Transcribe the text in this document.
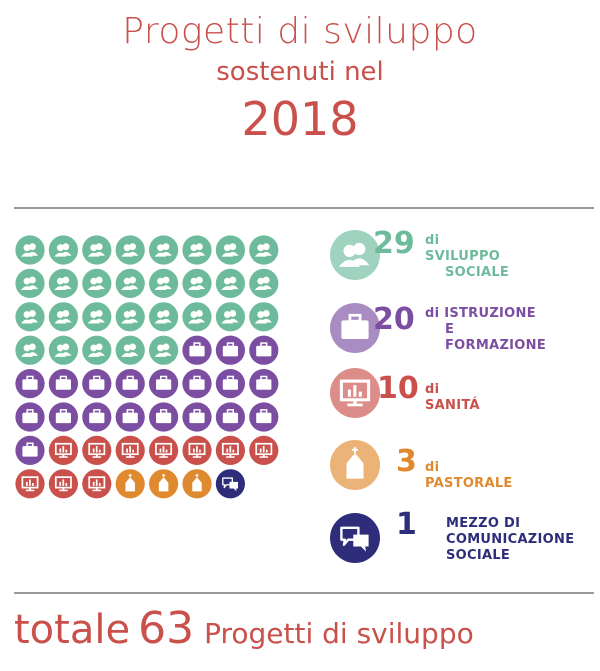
Progetti di sviluppo
sostenuti nel
2018
29 di SVILUPPO
SOCIALE
20 di ISTRUZIONE
E FORMAZIONE
10 di SANITÁ
3 di PASTORALE
1 MEZZO DI
COMUNICAZIONE
SOCIALE
totale 63 Progetti di sviluppo
